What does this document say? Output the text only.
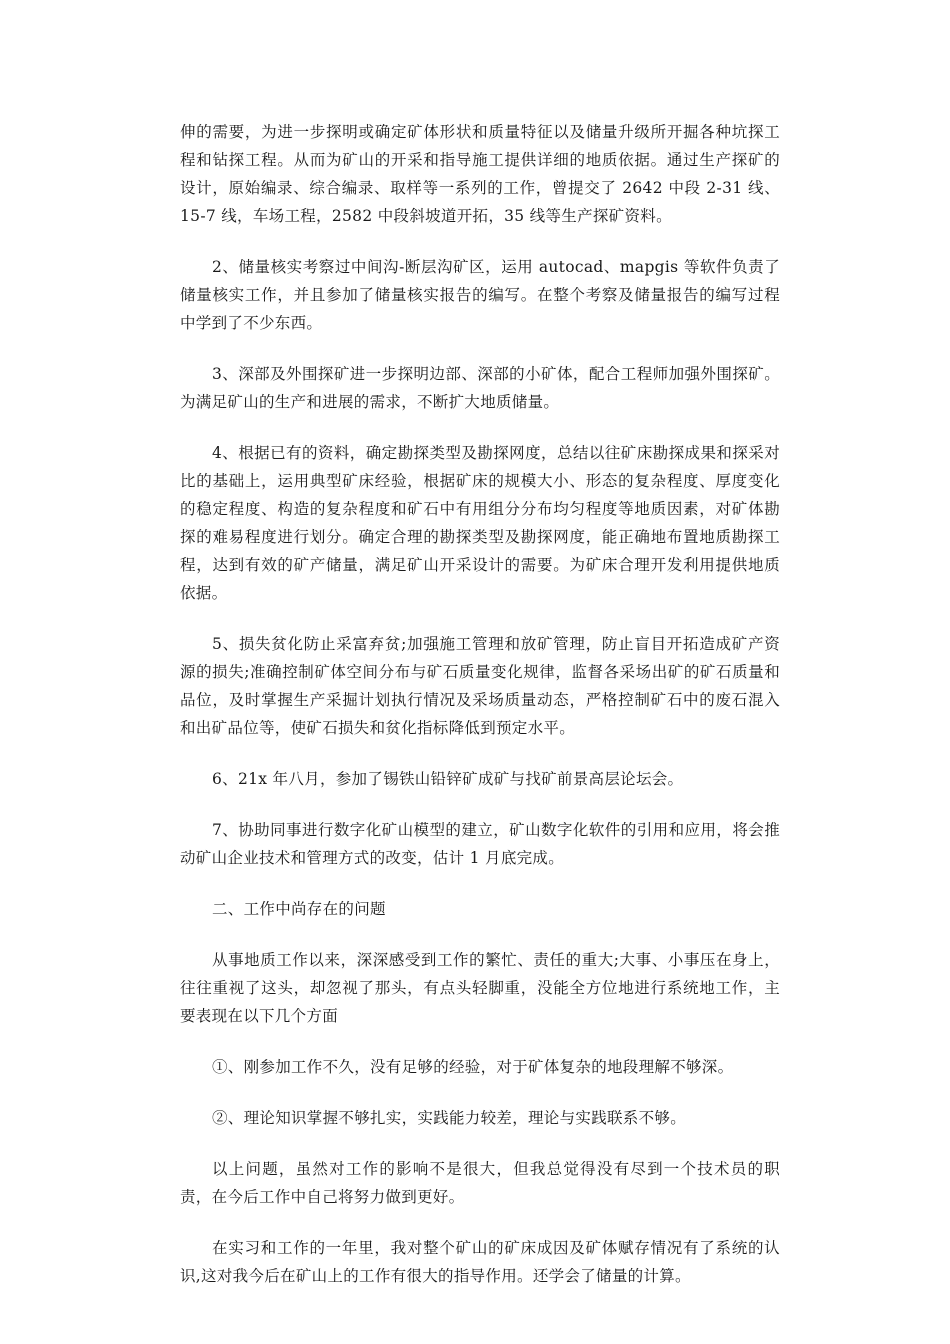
伸的需要，为进一步探明或确定矿体形状和质量特征以及储量升级所开掘各种坑探工程和钻探工程。从而为矿山的开采和指导施工提供详细的地质依据。通过生产探矿的设计，原始编录、综合编录、取样等一系列的工作，曾提交了 2642 中段 2-31 线、15-7 线，车场工程，2582 中段斜坡道开拓，35 线等生产探矿资料。

2、储量核实考察过中间沟-断层沟矿区，运用 autocad、mapgis 等软件负责了储量核实工作，并且参加了储量核实报告的编写。在整个考察及储量报告的编写过程中学到了不少东西。

3、深部及外围探矿进一步探明边部、深部的小矿体，配合工程师加强外围探矿。为满足矿山的生产和进展的需求，不断扩大地质储量。

4、根据已有的资料，确定勘探类型及勘探网度，总结以往矿床勘探成果和探采对比的基础上，运用典型矿床经验，根据矿床的规模大小、形态的复杂程度、厚度变化的稳定程度、构造的复杂程度和矿石中有用组分分布均匀程度等地质因素，对矿体勘探的难易程度进行划分。确定合理的勘探类型及勘探网度，能正确地布置地质勘探工程，达到有效的矿产储量，满足矿山开采设计的需要。为矿床合理开发利用提供地质依据。

5、损失贫化防止采富弃贫;加强施工管理和放矿管理，防止盲目开拓造成矿产资源的损失;准确控制矿体空间分布与矿石质量变化规律，监督各采场出矿的矿石质量和品位，及时掌握生产采掘计划执行情况及采场质量动态，严格控制矿石中的废石混入和出矿品位等，使矿石损失和贫化指标降低到预定水平。

6、21x 年八月，参加了锡铁山铅锌矿成矿与找矿前景高层论坛会。

7、协助同事进行数字化矿山模型的建立，矿山数字化软件的引用和应用，将会推动矿山企业技术和管理方式的改变，估计 1 月底完成。

二、工作中尚存在的问题

从事地质工作以来，深深感受到工作的繁忙、责任的重大;大事、小事压在身上，往往重视了这头，却忽视了那头，有点头轻脚重，没能全方位地进行系统地工作，主要表现在以下几个方面

①、刚参加工作不久，没有足够的经验，对于矿体复杂的地段理解不够深。

②、理论知识掌握不够扎实，实践能力较差，理论与实践联系不够。

以上问题，虽然对工作的影响不是很大，但我总觉得没有尽到一个技术员的职责，在今后工作中自己将努力做到更好。

在实习和工作的一年里，我对整个矿山的矿床成因及矿体赋存情况有了系统的认识,这对我今后在矿山上的工作有很大的指导作用。还学会了储量的计算。
